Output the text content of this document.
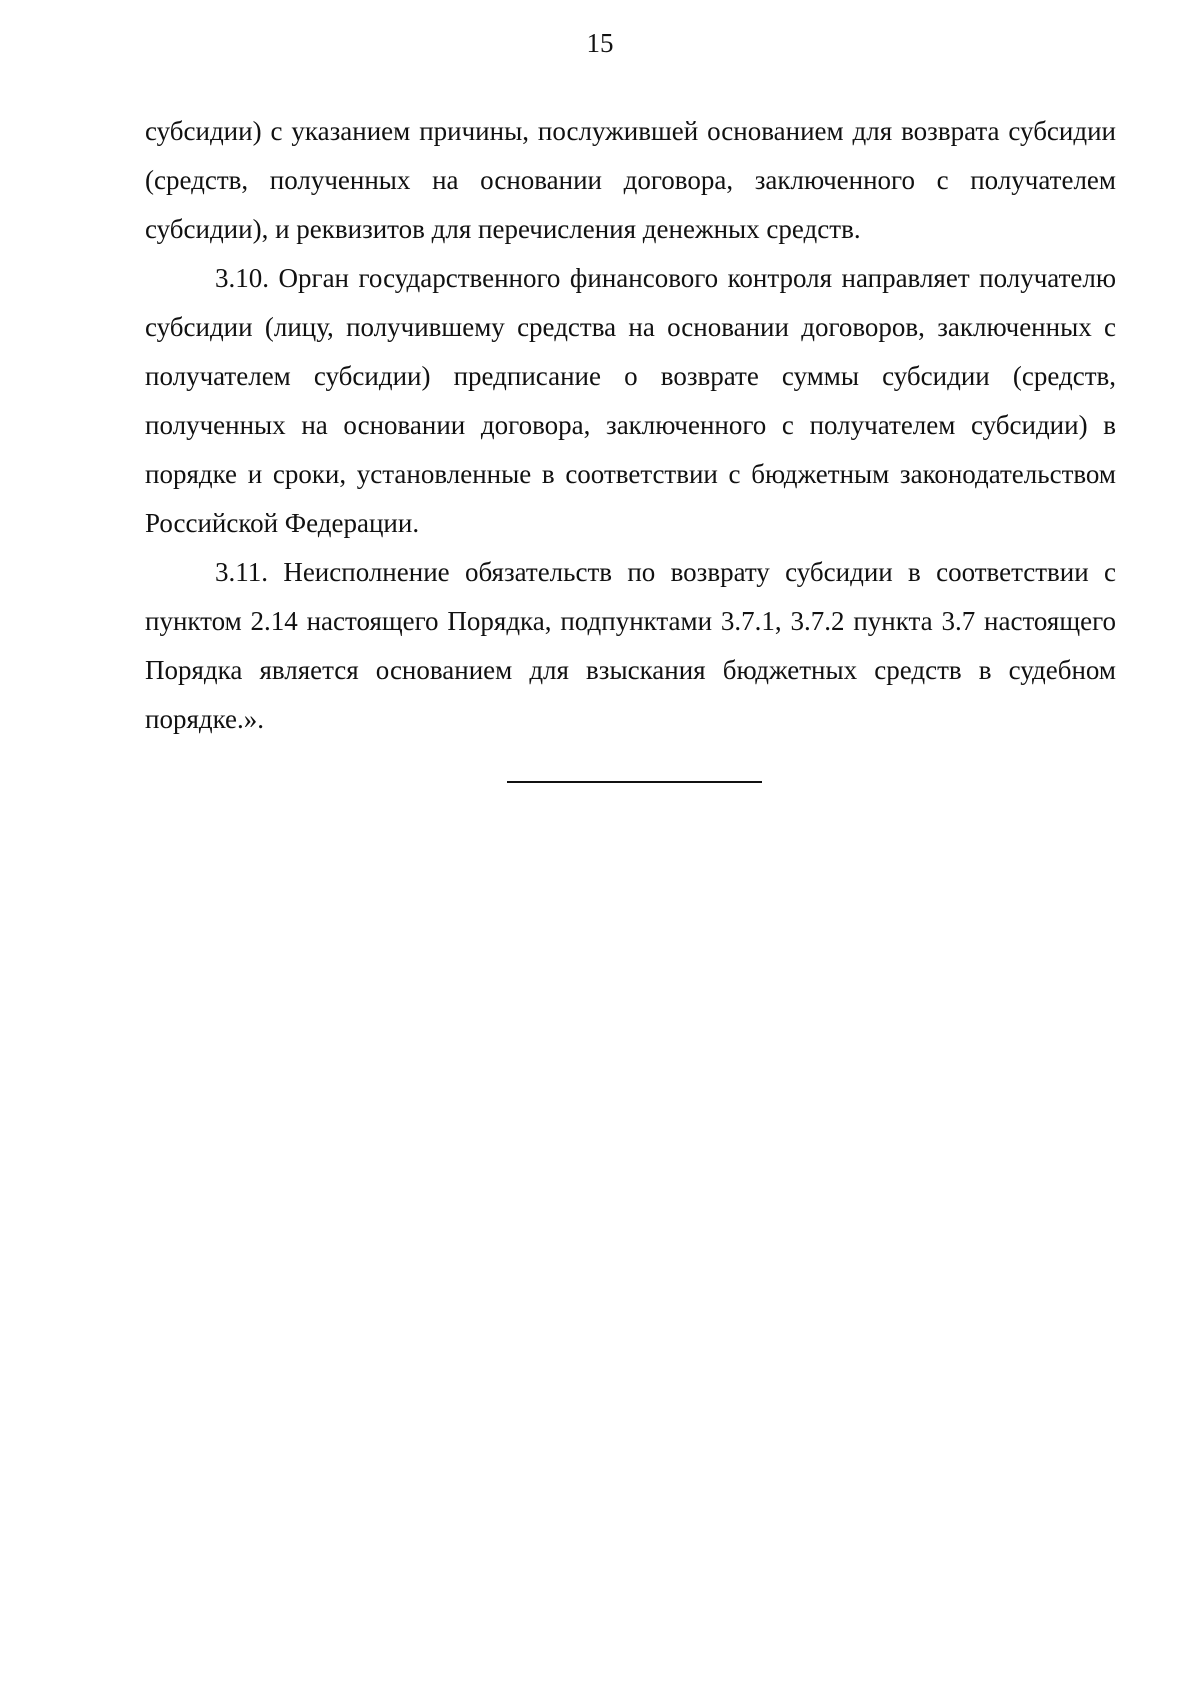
15

субсидии) с указанием причины, послужившей основанием для возврата субсидии (средств, полученных на основании договора, заключенного с получателем субсидии), и реквизитов для перечисления денежных средств.

3.10. Орган государственного финансового контроля направляет получателю субсидии (лицу, получившему средства на основании договоров, заключенных с получателем субсидии) предписание о возврате суммы субсидии (средств, полученных на основании договора, заключенного с получателем субсидии) в порядке и сроки, установленные в соответствии с бюджетным законодательством Российской Федерации.

3.11. Неисполнение обязательств по возврату субсидии в соответствии с пунктом 2.14 настоящего Порядка, подпунктами 3.7.1, 3.7.2 пункта 3.7 настоящего Порядка является основанием для взыскания бюджетных средств в судебном порядке.».
